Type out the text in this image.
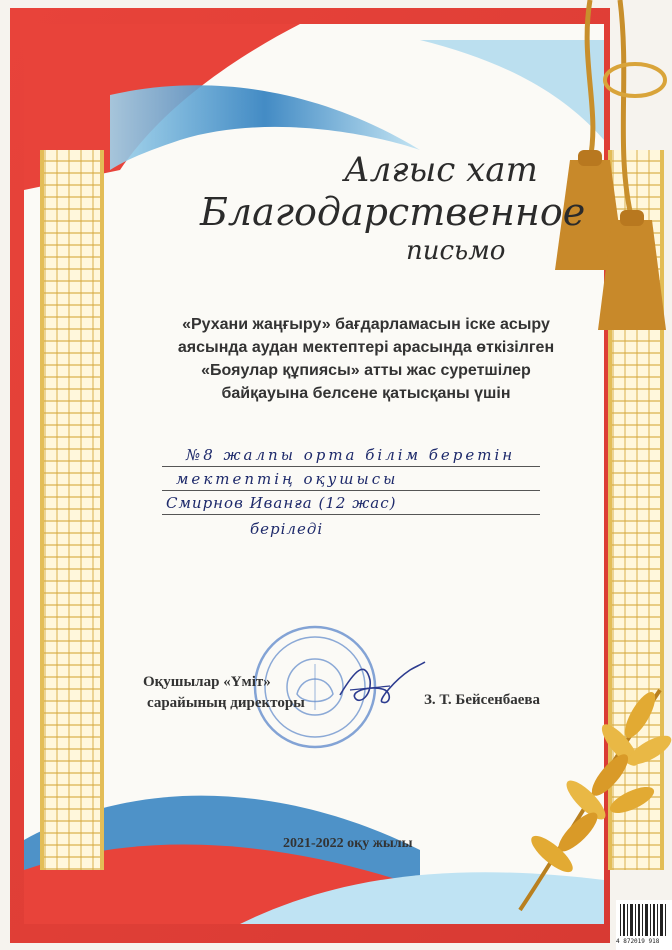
Алғыс хат
Благодарственное
письмо
«Рухани жаңғыру» бағдарламасын іске асыру
аясында аудан мектептері арасында өткізілген
«Бояулар құпиясы» атты жас суретшілер
байқауына белсене қатысқаны үшін
№8 жалпы орта білім беретін
мектептің оқушысы
Смирнов Иванға (12 жас)
беріледі
Оқушылар «Үміт»
сарайының директоры	З. Т. Бейсенбаева
2021-2022 оқу жылы
4 872019 918
